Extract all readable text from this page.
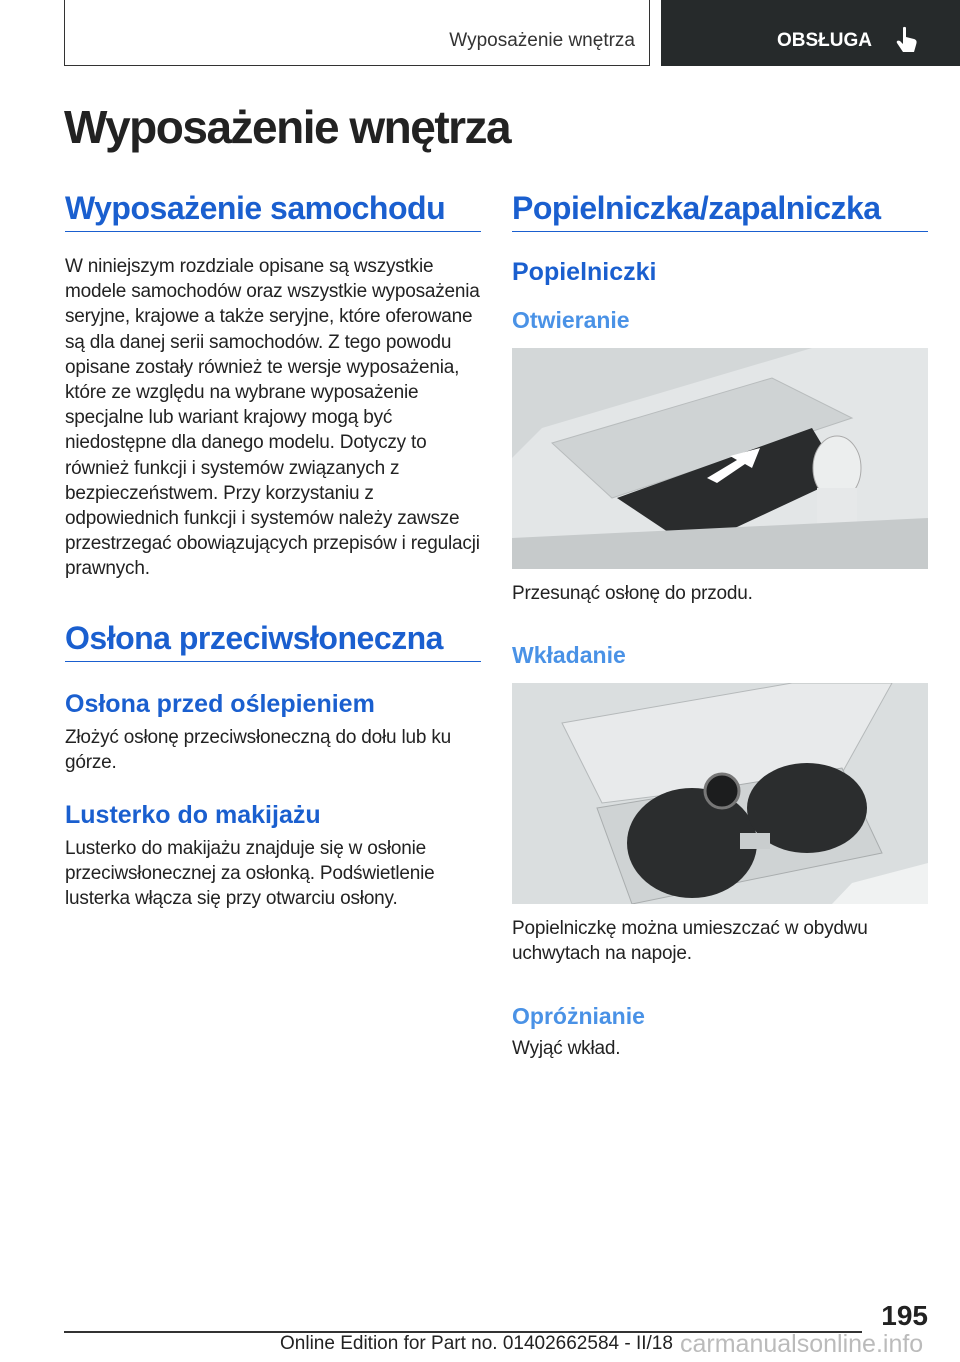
Wyposażenie wnętrza	OBSŁUGA
Wyposażenie wnętrza
Wyposażenie samochodu

W niniejszym rozdziale opisane są wszystkie modele samochodów oraz wszystkie wyposażenia seryjne, krajowe a także seryjne, które oferowane są dla danej serii samochodów. Z tego powodu opisane zostały również te wersje wyposażenia, które ze względu na wybrane wyposażenie specjalne lub wariant krajowy mogą być niedostępne dla danego modelu. Dotyczy to również funkcji i systemów związanych z bezpieczeństwem. Przy korzystaniu z odpowiednich funkcji i systemów należy zawsze przestrzegać obowiązujących przepisów i regulacji prawnych.

Osłona przeciwsłoneczna
Osłona przed oślepieniem

Złożyć osłonę przeciwsłoneczną do dołu lub ku górze.

Lusterko do makijażu

Lusterko do makijażu znajduje się w osłonie przeciwsłonecznej za osłonką. Podświetlenie lusterka włącza się przy otwarciu osłony.

Popielniczka/zapalniczka
Popielniczki
Otwieranie

Przesunąć osłonę do przodu.

Wkładanie

Popielniczkę można umieszczać w obydwu uchwytach na napoje.

Opróżnianie

Wyjąć wkład.

195
Online Edition for Part no. 01402662584 - II/18 carmanualsonline.info
